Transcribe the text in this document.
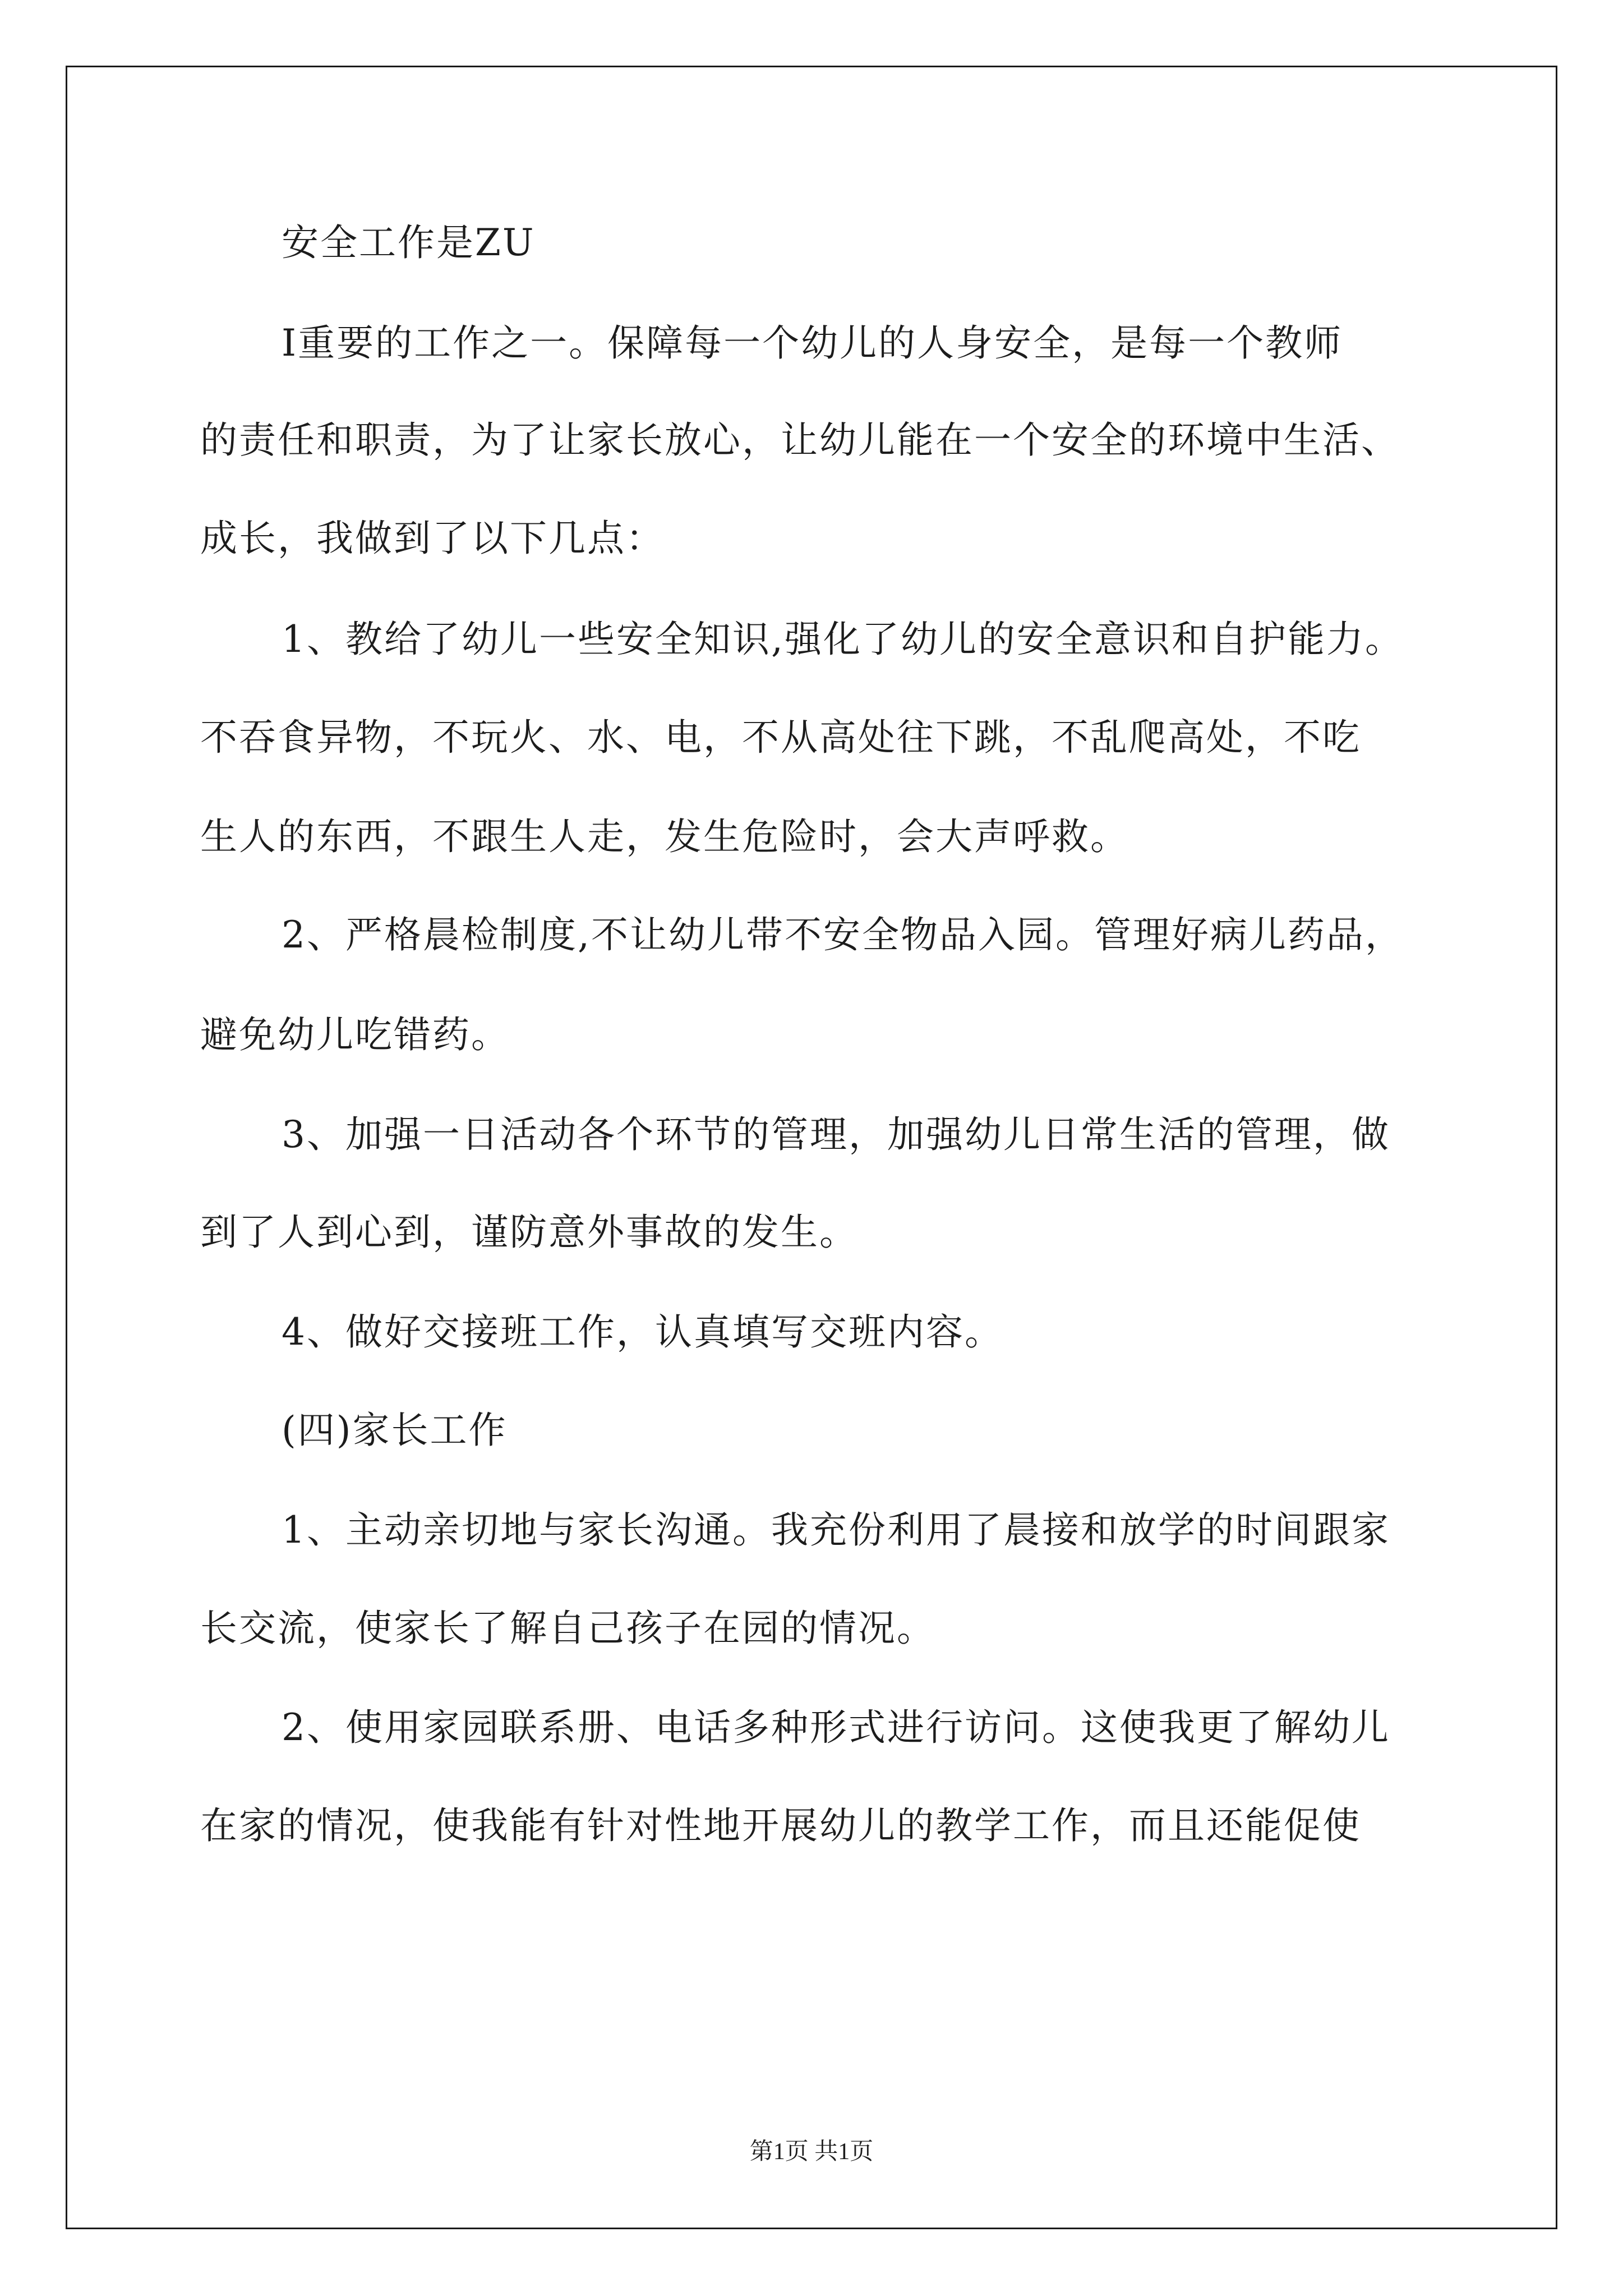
安全工作是ZU

I重要的工作之一。保障每一个幼儿的人身安全，是每一个教师

的责任和职责，为了让家长放心，让幼儿能在一个安全的环境中生活、

成长，我做到了以下几点：

1、教给了幼儿一些安全知识,强化了幼儿的安全意识和自护能力。

不吞食异物，不玩火、水、电，不从高处往下跳，不乱爬高处，不吃

生人的东西，不跟生人走，发生危险时，会大声呼救。

2、严格晨检制度,不让幼儿带不安全物品入园。管理好病儿药品，

避免幼儿吃错药。

3、加强一日活动各个环节的管理，加强幼儿日常生活的管理，做

到了人到心到，谨防意外事故的发生。

4、做好交接班工作，认真填写交班内容。

(四)家长工作

1、主动亲切地与家长沟通。我充份利用了晨接和放学的时间跟家

长交流，使家长了解自己孩子在园的情况。

2、使用家园联系册、电话多种形式进行访问。这使我更了解幼儿

在家的情况，使我能有针对性地开展幼儿的教学工作，而且还能促使

第1页 共1页
